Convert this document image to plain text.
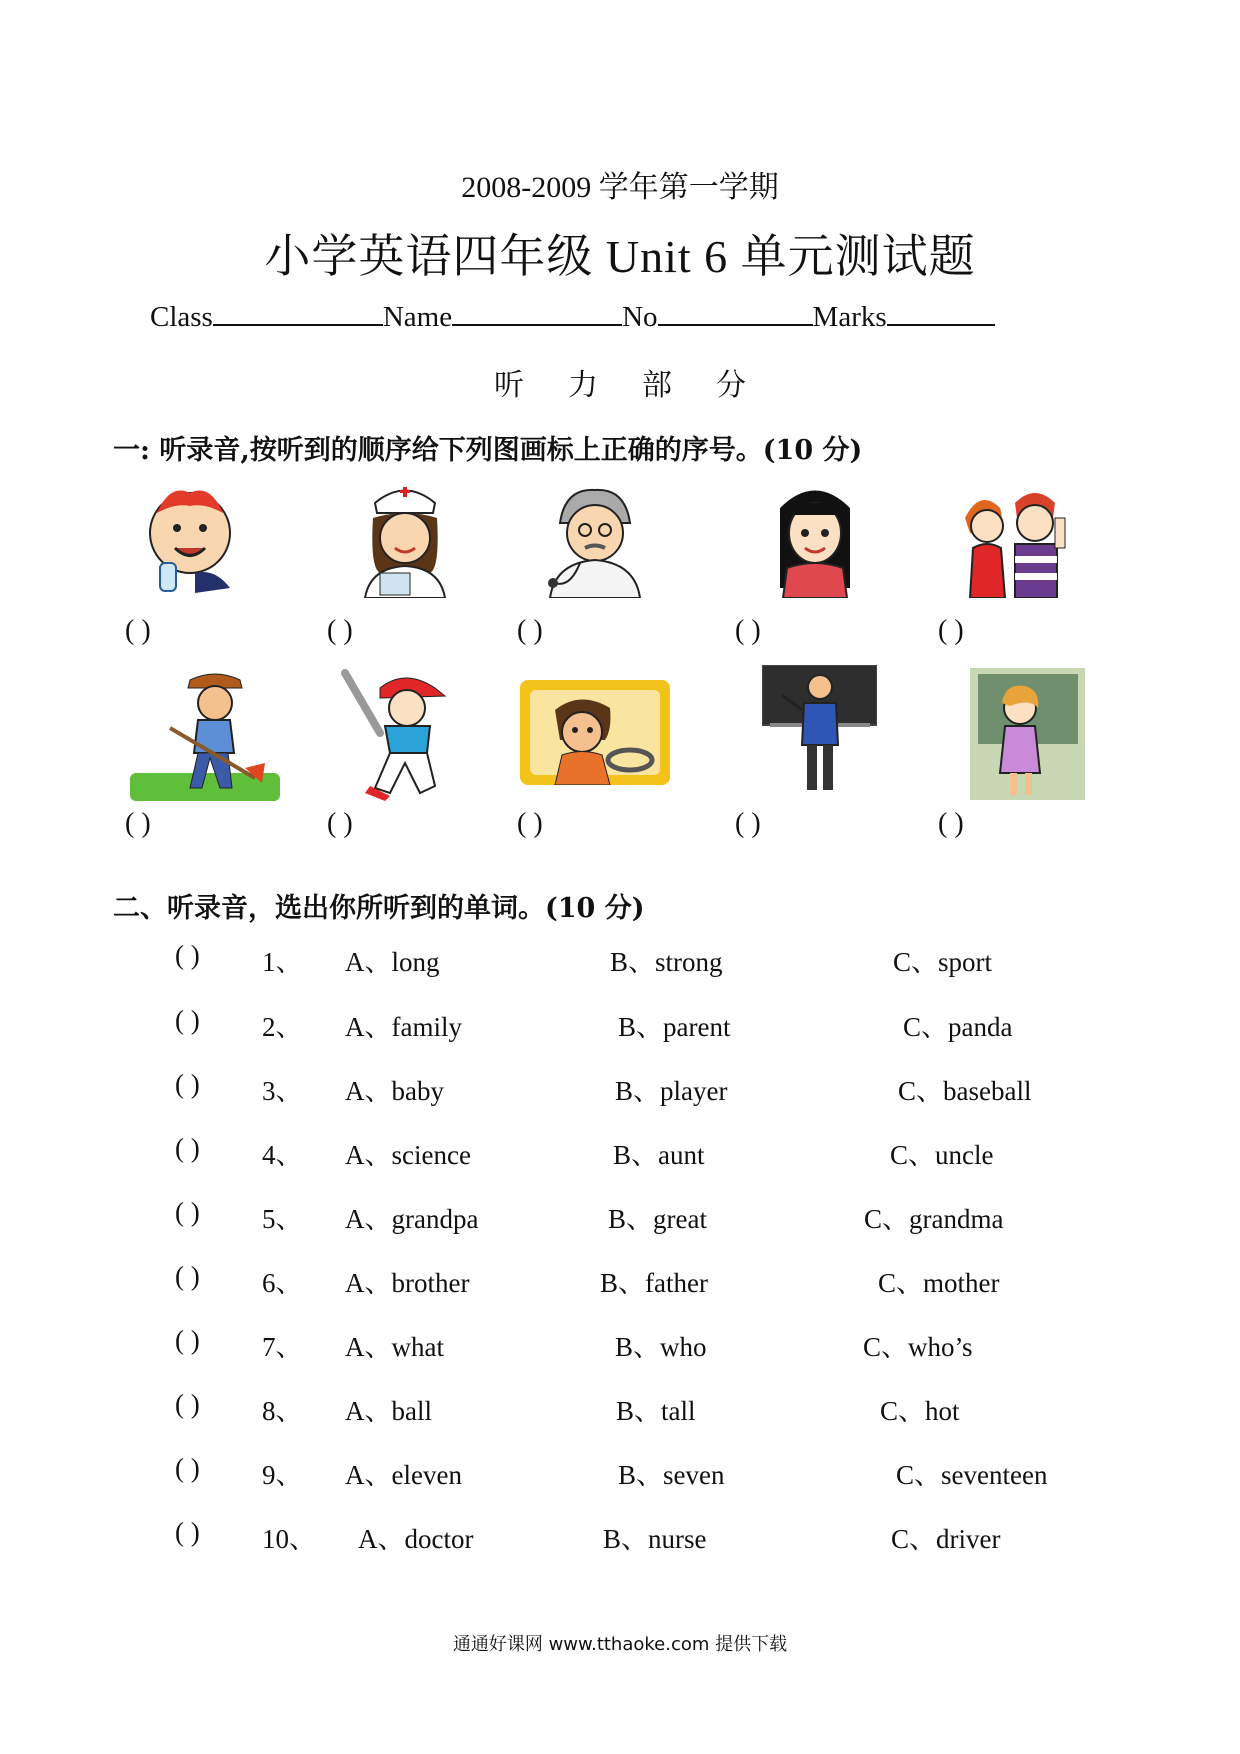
2008-2009 学年第一学期
小学英语四年级 Unit 6 单元测试题
Class	Name	No	Marks
听 力 部 分
一: 听录音,按听到的顺序给下列图画标上正确的序号。(10 分)
( )	( )	( )	( )	( )
( )	( )	( )	( )	( )
二、听录音，选出你所听到的单词。(10 分)
( ) 1、 A、long	B、strong	C、sport
( ) 2、 A、family	B、parent	C、panda
( ) 3、 A、baby	B、player	C、baseball
( ) 4、 A、science	B、aunt	C、uncle
( ) 5、 A、grandpa	B、great	C、grandma
( ) 6、 A、brother	B、father	C、mother
( ) 7、 A、what	B、who	C、who’s
( ) 8、 A、ball	B、tall	C、hot
( ) 9、 A、eleven	B、seven	C、seventeen
( ) 10、 A、doctor	B、nurse	C、driver
通通好课网 www.tthaoke.com 提供下载
